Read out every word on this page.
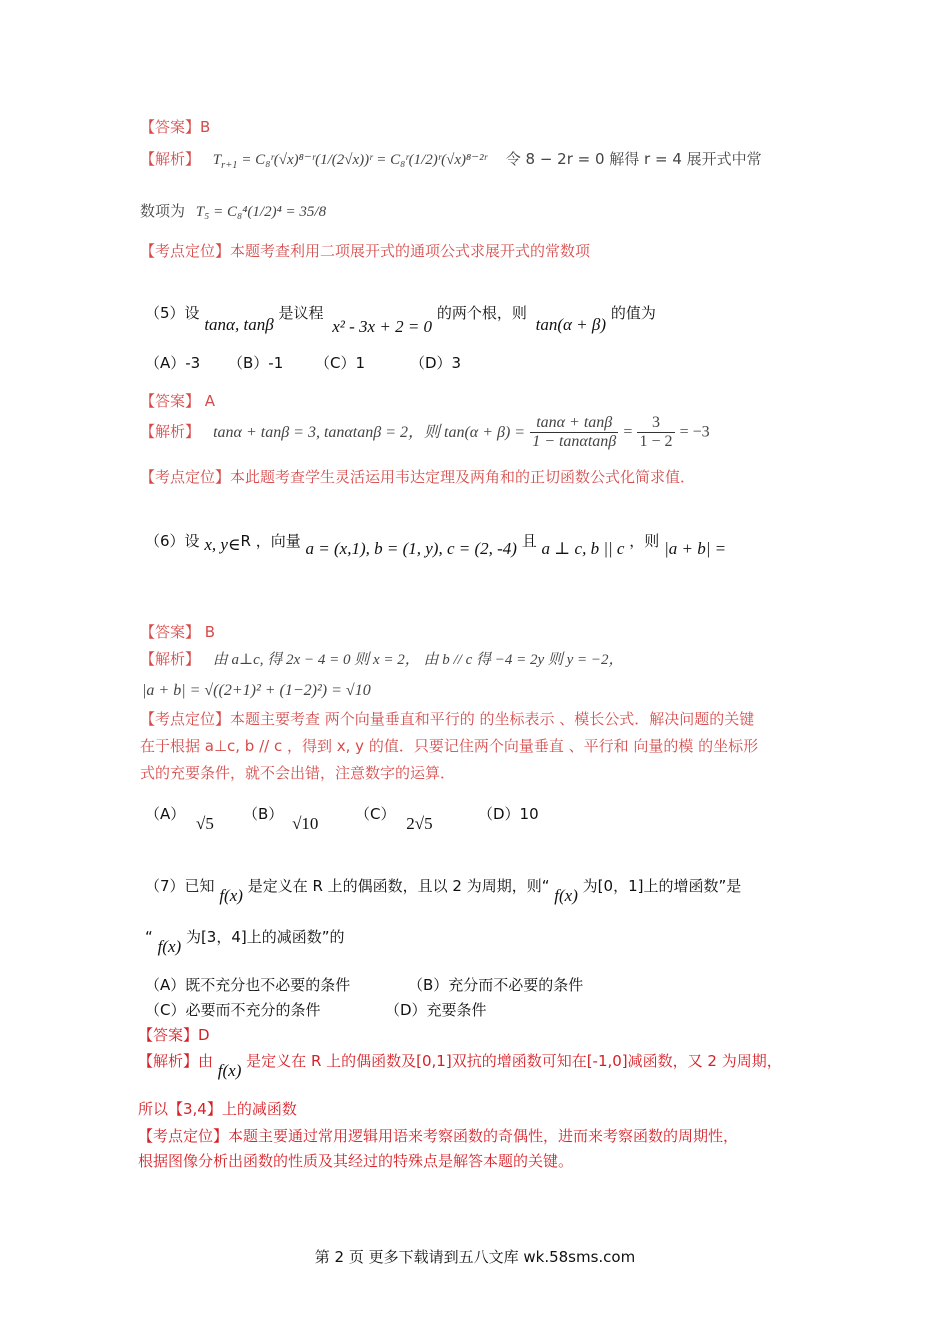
【答案】B
【解析】 $T_{r+1}$ = C₈ʳ(√x)⁸⁻ʳ(1/(2√x))ʳ = C₈ʳ(1/2)ʳ(√x)⁸⁻²ʳ 令 8 − 2r = 0 解得 r = 4 展开式中常
数项为 T₅ = C₈⁴(1/2)⁴ = 35/8
【考点定位】本题考查利用二项展开式的通项公式求展开式的常数项
（5）设 tanα, tanβ 是议程 x² - 3x + 2 = 0 的两个根，则 tan(α + β) 的值为
（A）-3 （B）-1 （C）1	（D）3
【答案】 A
【解析】 tanα + tanβ = 3, tanαtanβ = 2，则 $\tan(\alpha + \beta) = \frac{\tan\alpha + \tan\beta}{1 - \tan\alpha\tan\beta} = \frac{3}{1 - 2} = -3$
【考点定位】本此题考查学生灵活运用韦达定理及两角和的正切函数公式化简求值．
（6）设 x, y∈R ，向量 a = (x,1), b = (1, y), c = (2, -4) 且 a ⊥ c, b || c ，则 |a + b| =
【答案】 B
【解析】 由 a⊥c, 得 2x − 4 = 0 则 x = 2， 由 b // c 得 −4 = 2y 则 y = −2，
|a + b| = √((2+1)² + (1−2)²) = √10
【考点定位】本题主要考查 两个向量垂直和平行的 的坐标表示 、模长公式．解决问题的关键
在于根据 a⊥c, b // c ，得到 x, y 的值．只要记住两个向量垂直 、平行和 向量的模 的坐标形
式的充要条件，就不会出错，注意数字的运算．
（A） √5 （B） √10 （C） 2√5	（D）10
（7）已知 f(x) 是定义在 R 上的偶函数，且以 2 为周期，则“ f(x) 为[0，1]上的增函数”是
“ f(x) 为[3，4]上的减函数”的
（A）既不充分也不必要的条件	（B）充分而不必要的条件
（C）必要而不充分的条件	（D）充要条件
【答案】D
【解析】由 f(x) 是定义在 R 上的偶函数及[0,1]双抗的增函数可知在[-1,0]减函数，又 2 为周期，
所以【3,4】上的减函数
【考点定位】本题主要通过常用逻辑用语来考察函数的奇偶性，进而来考察函数的周期性，
根据图像分析出函数的性质及其经过的特殊点是解答本题的关键。
第 2 页 更多下载请到五八文库 wk.58sms.com
